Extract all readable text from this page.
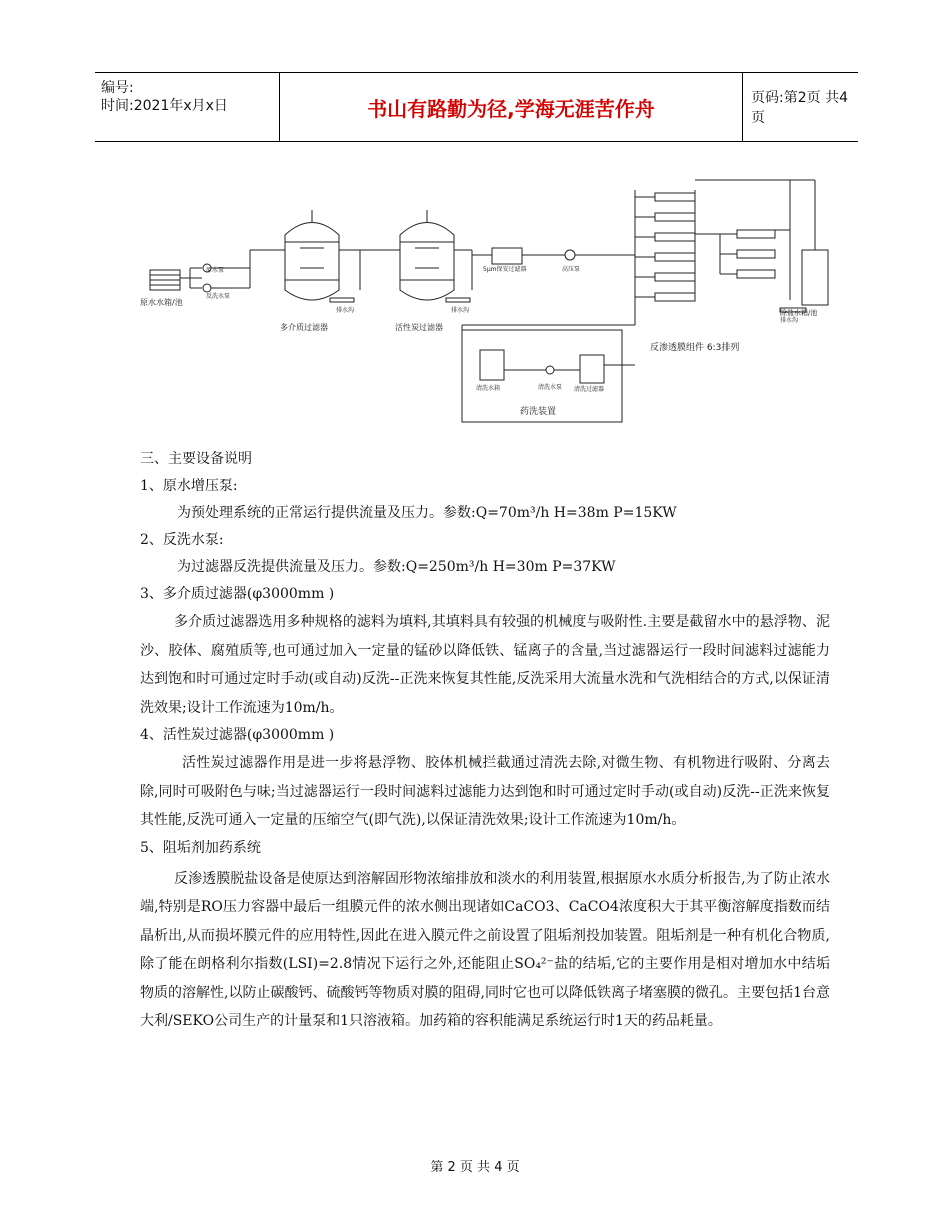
编号:
时间:2021年x月x日	书山有路勤为径,学海无涯苦作舟	页码:第2页 共4页
原水水箱/池
原水泵
反洗水泵
多介质过滤器
排水沟
活性炭过滤器
排水沟
5μm保安过滤器	高压泵
清洗水箱	清洗水泵 清洗过滤器
药洗装置
反渗透膜组件 6:3排列
排水沟
除盐水箱/池

三、主要设备说明

1、原水增压泵:

为预处理系统的正常运行提供流量及压力。参数:Q=70m³/h H=38m P=15KW

2、反洗水泵:

为过滤器反洗提供流量及压力。参数:Q=250m³/h H=30m P=37KW

3、多介质过滤器(φ3000mm )

多介质过滤器选用多种规格的滤料为填料,其填料具有较强的机械度与吸附性.主要是截留水中的悬浮物、泥沙、胶体、腐殖质等,也可通过加入一定量的锰砂以降低铁、锰离子的含量,当过滤器运行一段时间滤料过滤能力达到饱和时可通过定时手动(或自动)反洗--正洗来恢复其性能,反洗采用大流量水洗和气洗相结合的方式,以保证清洗效果;设计工作流速为10m/h。

4、活性炭过滤器(φ3000mm )

活性炭过滤器作用是进一步将悬浮物、胶体机械拦截通过清洗去除,对微生物、有机物进行吸附、分离去除,同时可吸附色与味;当过滤器运行一段时间滤料过滤能力达到饱和时可通过定时手动(或自动)反洗--正洗来恢复其性能,反洗可通入一定量的压缩空气(即气洗),以保证清洗效果;设计工作流速为10m/h。

5、阻垢剂加药系统

反渗透膜脱盐设备是使原达到溶解固形物浓缩排放和淡水的利用装置,根据原水水质分析报告,为了防止浓水端,特别是RO压力容器中最后一组膜元件的浓水侧出现诸如CaCO3、CaCO4浓度积大于其平衡溶解度指数而结晶析出,从而损坏膜元件的应用特性,因此在进入膜元件之前设置了阻垢剂投加装置。阻垢剂是一种有机化合物质,除了能在朗格利尔指数(LSI)=2.8情况下运行之外,还能阻止SO₄²⁻盐的结垢,它的主要作用是相对增加水中结垢物质的溶解性,以防止碳酸钙、硫酸钙等物质对膜的阻碍,同时它也可以降低铁离子堵塞膜的微孔。主要包括1台意大利/SEKO公司生产的计量泵和1只溶液箱。加药箱的容积能满足系统运行时1天的药品耗量。

第 2 页 共 4 页
